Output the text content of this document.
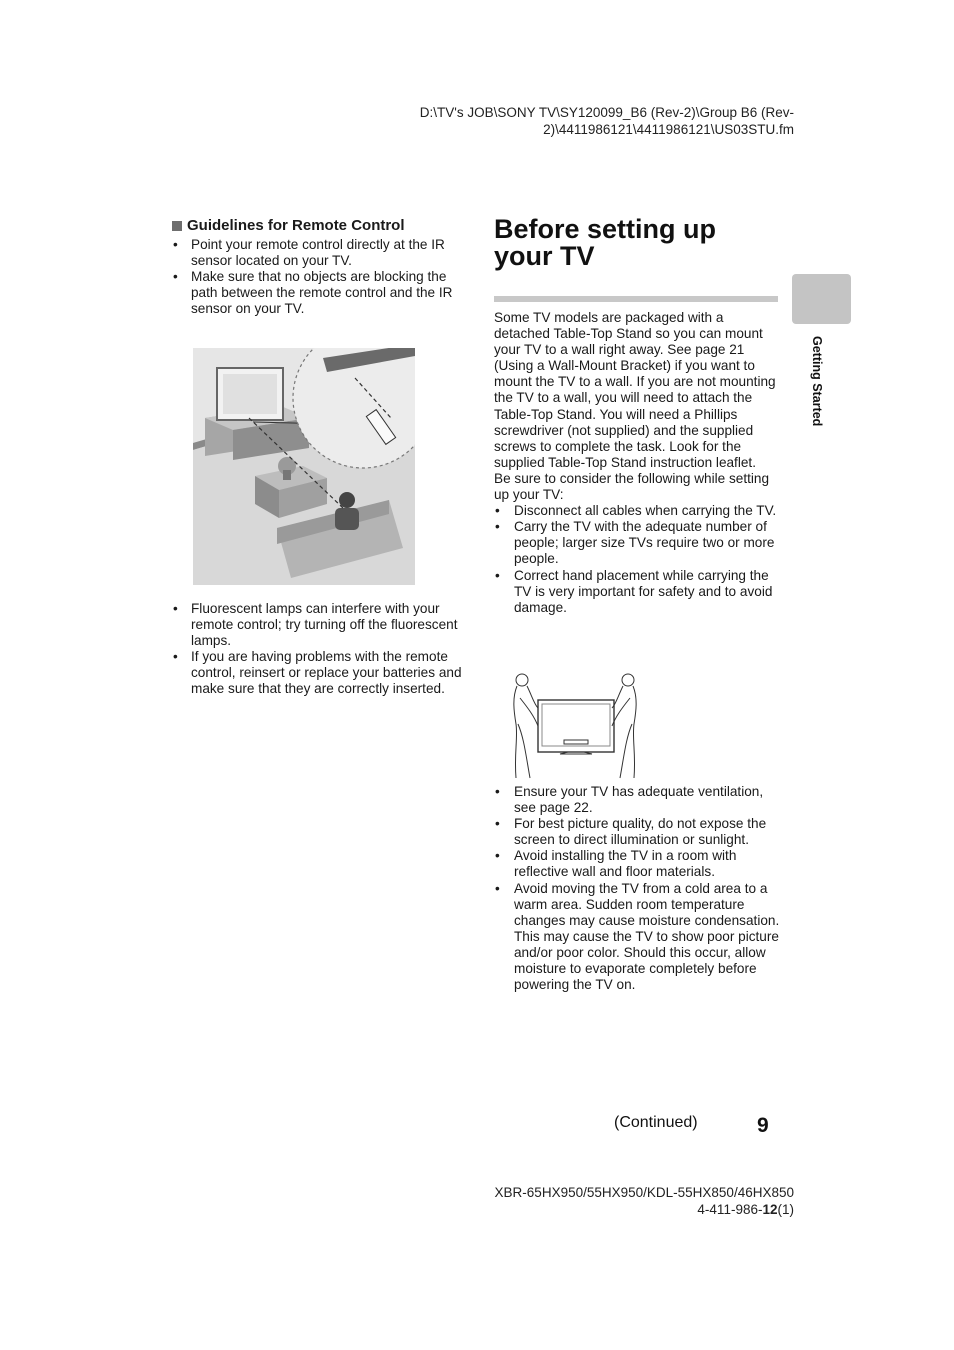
D:\TV's JOB\SONY TV\SY120099_B6 (Rev-2)\Group B6 (Rev-
2)\4411986121\4411986121\US03STU.fm
Guidelines for Remote Control
• Point your remote control directly at the IR sensor located on your TV.
• Make sure that no objects are blocking the path between the remote control and the IR sensor on your TV.
• Fluorescent lamps can interfere with your remote control; try turning off the fluorescent lamps.
• If you are having problems with the remote control, reinsert or replace your batteries and make sure that they are correctly inserted.
Before setting up
your TV

Some TV models are packaged with a detached Table-Top Stand so you can mount your TV to a wall right away. See page 21 (Using a Wall-Mount Bracket) if you want to mount the TV to a wall. If you are not mounting the TV to a wall, you will need to attach the Table-Top Stand. You will need a Phillips screwdriver (not supplied) and the supplied screws to complete the task. Look for the supplied Table-Top Stand instruction leaflet.

Be sure to consider the following while setting up your TV:

• Disconnect all cables when carrying the TV.
• Carry the TV with the adequate number of people; larger size TVs require two or more people.
• Correct hand placement while carrying the TV is very important for safety and to avoid damage.
• Ensure your TV has adequate ventilation, see page 22.
• For best picture quality, do not expose the screen to direct illumination or sunlight.
• Avoid installing the TV in a room with reflective wall and floor materials.
• Avoid moving the TV from a cold area to a warm area. Sudden room temperature changes may cause moisture condensation. This may cause the TV to show poor picture and/or poor color. Should this occur, allow moisture to evaporate completely before powering the TV on.
Getting Started
(Continued)	9
XBR-65HX950/55HX950/KDL-55HX850/46HX850
4-411-986-12(1)
